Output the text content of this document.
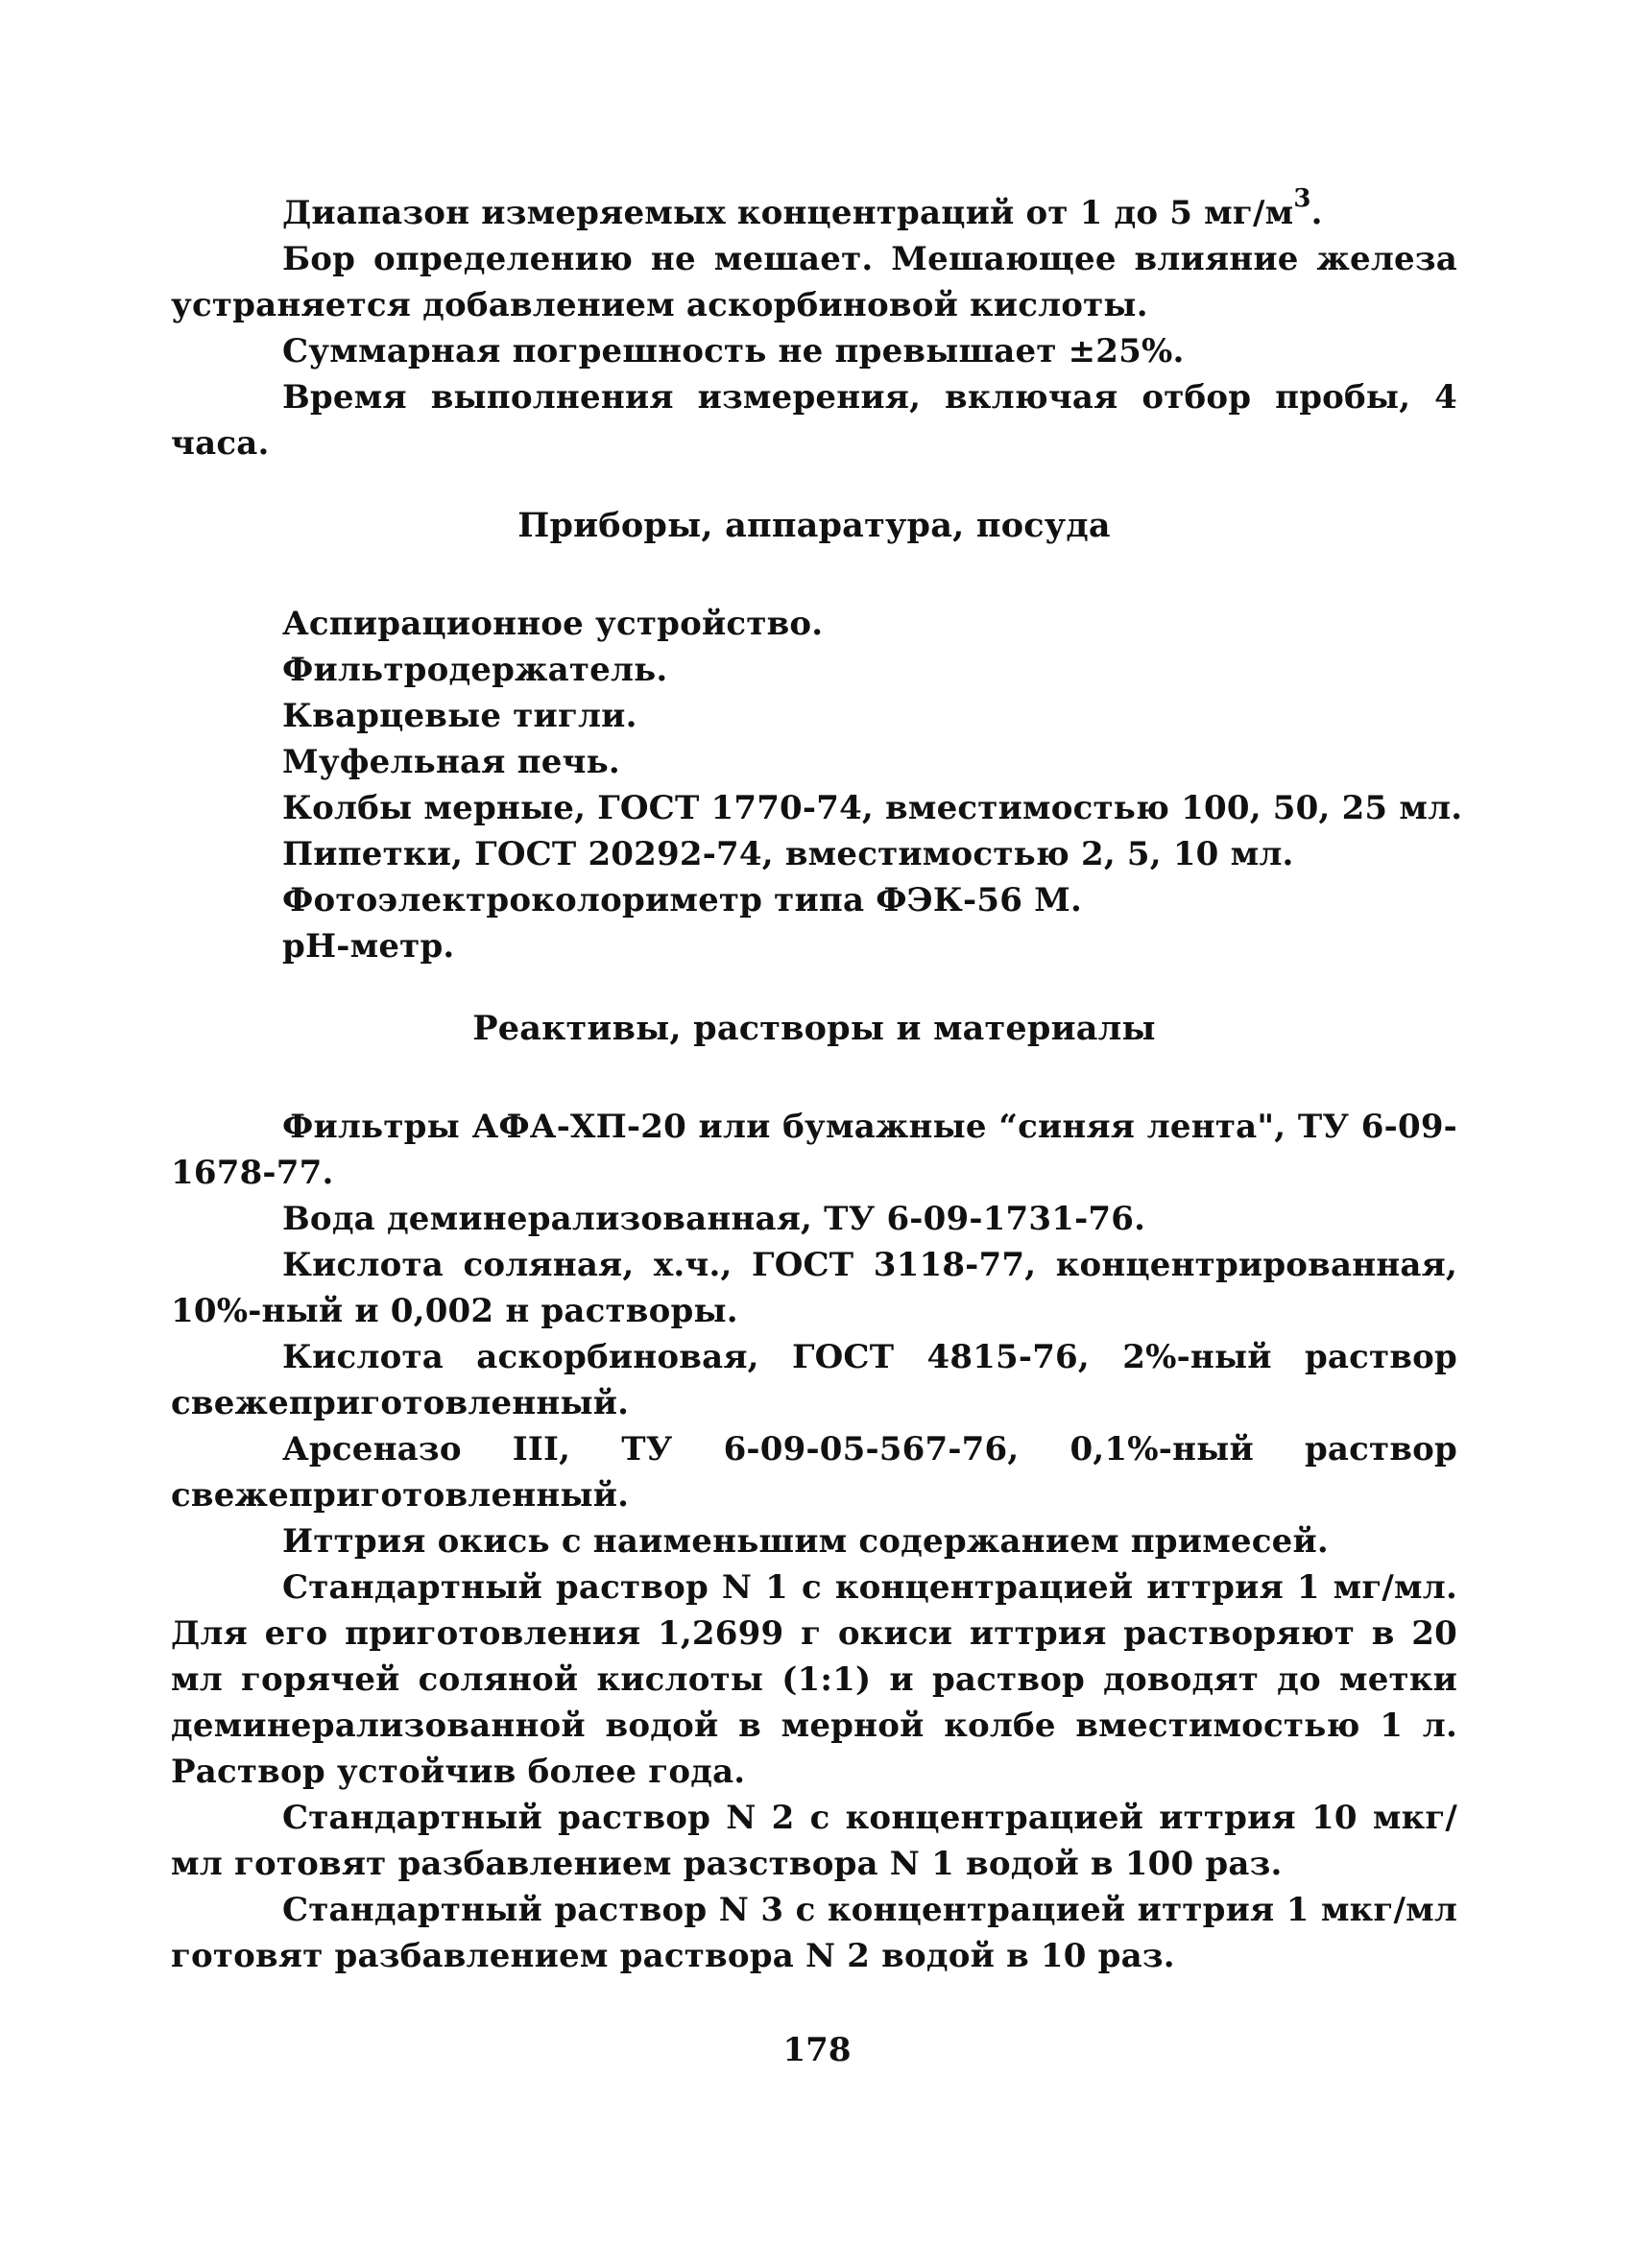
Диапазон измеряемых концентраций от 1 до 5 $мг/м^3$.

Бор определению не мешает. Мешающее влияние железа устраняется добавлением аскорбиновой кислоты.

Суммарная погрешность не превышает ±25%.

Время выполнения измерения, включая отбор пробы, 4 часа.

Приборы, аппаратура, посуда

Аспирационное устройство.

Фильтродержатель.

Кварцевые тигли.

Муфельная печь.

Колбы мерные, ГОСТ 1770-74, вместимостью 100, 50, 25 мл.

Пипетки, ГОСТ 20292-74, вместимостью 2, 5, 10 мл.

Фотоэлектроколориметр типа ФЭК-56 М.

pH-метр.

Реактивы, растворы и материалы

Фильтры АФА-ХП-20 или бумажные “синяя лента", ТУ 6-09-1678-77.

Вода деминерализованная, ТУ 6-09-1731-76.

Кислота соляная, х.ч., ГОСТ 3118-77, концентрированная, 10%-ный и 0,002 н растворы.

Кислота аскорбиновая, ГОСТ 4815-76, 2%-ный раствор свежеприготовленный.

Арсеназо III, ТУ 6-09-05-567-76, 0,1%-ный раствор свежеприготовленный.

Иттрия окись с наименьшим содержанием примесей.

Стандартный раствор N 1 с концентрацией иттрия 1 мг/мл. Для его приготовления 1,2699 г окиси иттрия растворяют в 20 мл горячей соляной кислоты (1:1) и раствор доводят до метки деминерализованной водой в мерной колбе вместимостью 1 л. Раствор устойчив более года.

Стандартный раствор N 2 с концентрацией иттрия 10 мкг/мл готовят разбавлением разствора N 1 водой в 100 раз.

Стандартный раствор N 3 с концентрацией иттрия 1 мкг/мл готовят разбавлением раствора N 2 водой в 10 раз.

178
